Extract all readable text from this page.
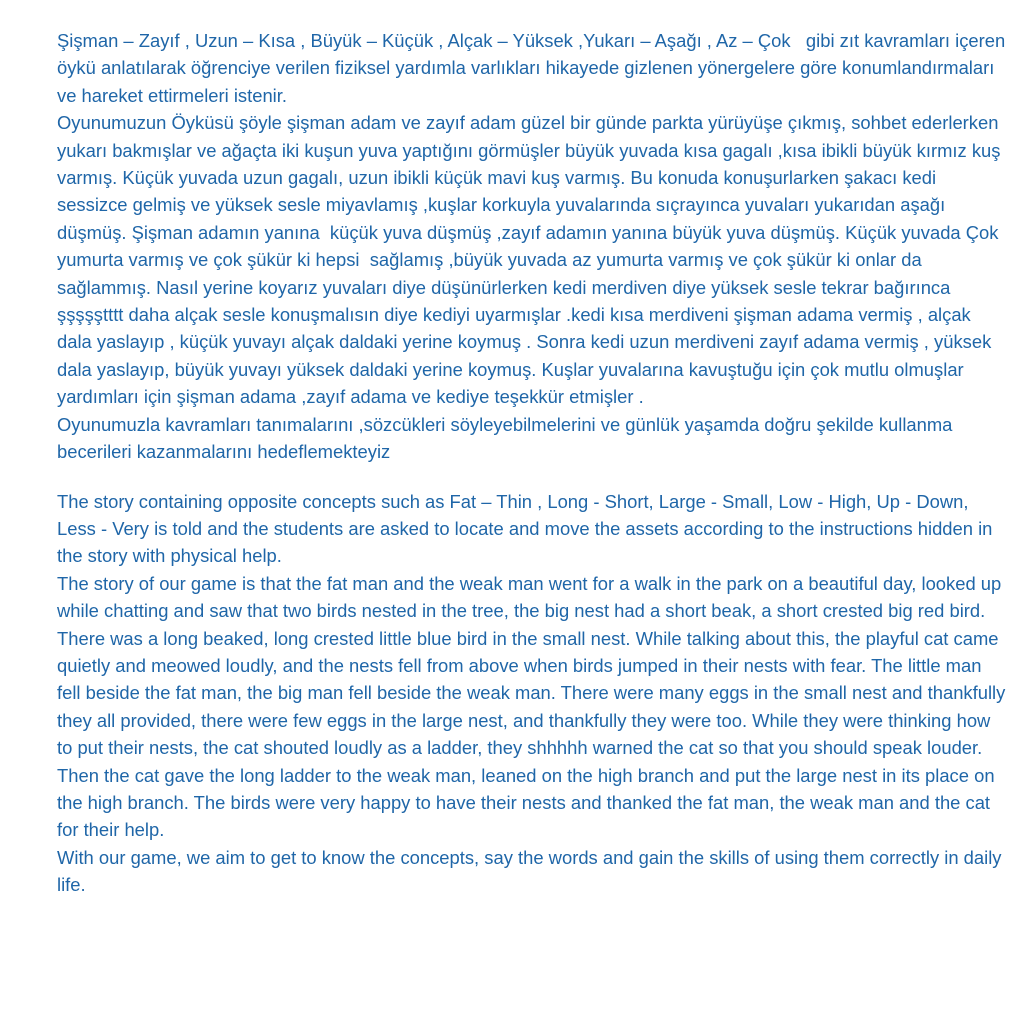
Şişman – Zayıf , Uzun – Kısa , Büyük – Küçük , Alçak – Yüksek ,Yukarı – Aşağı , Az – Çok   gibi zıt kavramları içeren öykü anlatılarak öğrenciye verilen fiziksel yardımla varlıkları hikayede gizlenen yönergelere göre konumlandırmaları ve hareket ettirmeleri istenir.

Oyunumuzun Öyküsü şöyle şişman adam ve zayıf adam güzel bir günde parkta yürüyüşe çıkmış, sohbet ederlerken yukarı bakmışlar ve ağaçta iki kuşun yuva yaptığını görmüşler büyük yuvada kısa gagalı ,kısa ibikli büyük kırmız kuş varmış. Küçük yuvada uzun gagalı, uzun ibikli küçük mavi kuş varmış. Bu konuda konuşurlarken şakacı kedi sessizce gelmiş ve yüksek sesle miyavlamış ,kuşlar korkuyla yuvalarında sıçrayınca yuvaları yukarıdan aşağı düşmüş. Şişman adamın yanına  küçük yuva düşmüş ,zayıf adamın yanına büyük yuva düşmüş. Küçük yuvada Çok yumurta varmış ve çok şükür ki hepsi  sağlamış ,büyük yuvada az yumurta varmış ve çok şükür ki onlar da sağlammış. Nasıl yerine koyarız yuvaları diye düşünürlerken kedi merdiven diye yüksek sesle tekrar bağırınca şşşşştttt daha alçak sesle konuşmalısın diye kediyi uyarmışlar .kedi kısa merdiveni şişman adama vermiş , alçak dala yaslayıp , küçük yuvayı alçak daldaki yerine koymuş . Sonra kedi uzun merdiveni zayıf adama vermiş , yüksek dala yaslayıp, büyük yuvayı yüksek daldaki yerine koymuş. Kuşlar yuvalarına kavuştuğu için çok mutlu olmuşlar yardımları için şişman adama ,zayıf adama ve kediye teşekkür etmişler .

Oyunumuzla kavramları tanımalarını ,sözcükleri söyleyebilmelerini ve günlük yaşamda doğru şekilde kullanma becerileri kazanmalarını hedeflemekteyiz

The story containing opposite concepts such as Fat – Thin , Long - Short, Large - Small, Low - High, Up - Down, Less - Very is told and the students are asked to locate and move the assets according to the instructions hidden in the story with physical help.

The story of our game is that the fat man and the weak man went for a walk in the park on a beautiful day, looked up while chatting and saw that two birds nested in the tree, the big nest had a short beak, a short crested big red bird. There was a long beaked, long crested little blue bird in the small nest. While talking about this, the playful cat came quietly and meowed loudly, and the nests fell from above when birds jumped in their nests with fear. The little man fell beside the fat man, the big man fell beside the weak man. There were many eggs in the small nest and thankfully they all provided, there were few eggs in the large nest, and thankfully they were too. While they were thinking how to put their nests, the cat shouted loudly as a ladder, they shhhhh warned the cat so that you should speak louder. Then the cat gave the long ladder to the weak man, leaned on the high branch and put the large nest in its place on the high branch. The birds were very happy to have their nests and thanked the fat man, the weak man and the cat for their help.

With our game, we aim to get to know the concepts, say the words and gain the skills of using them correctly in daily life.
